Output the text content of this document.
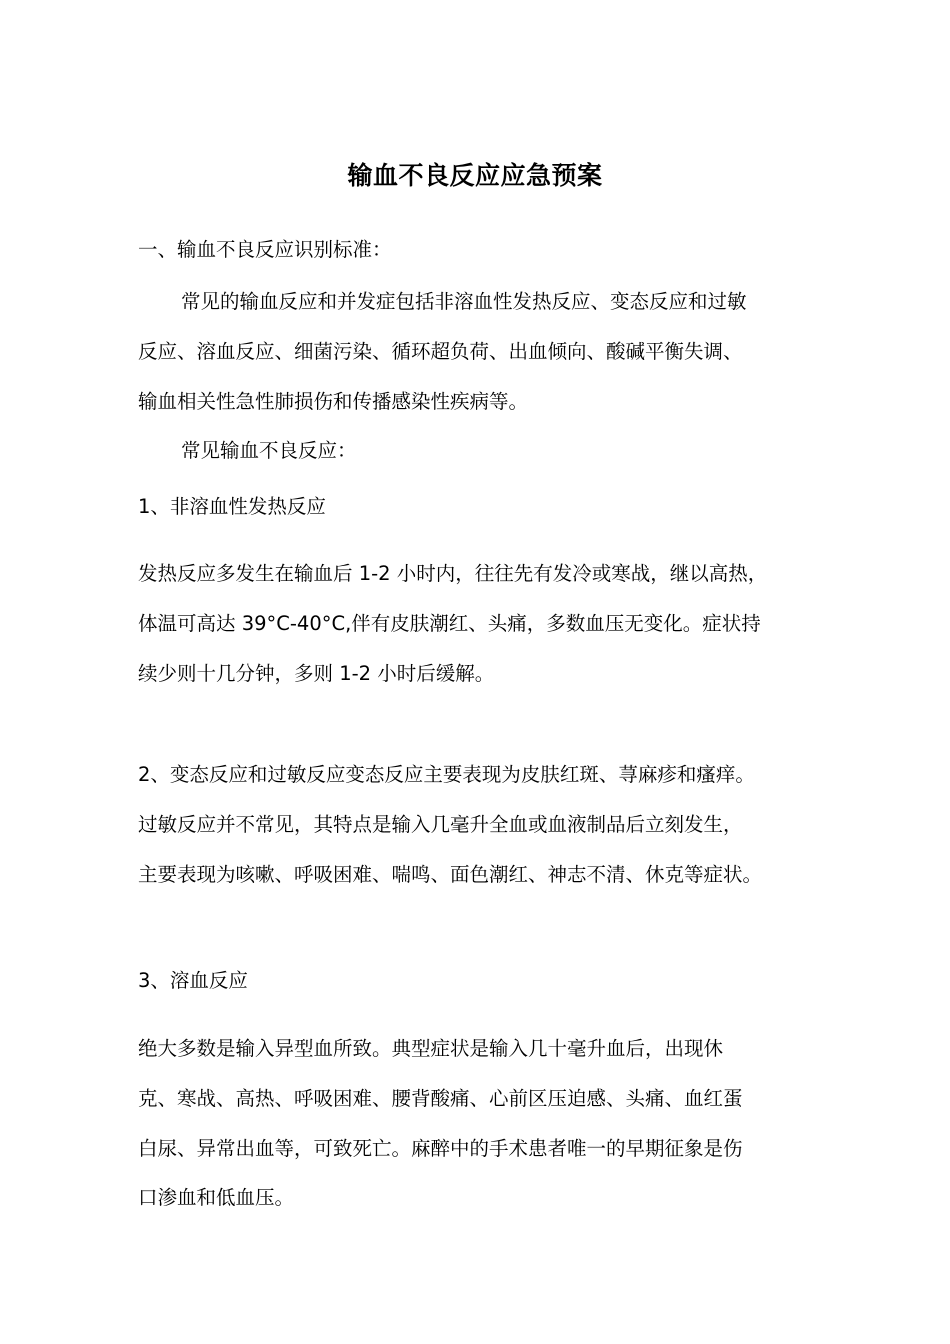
输血不良反应应急预案
一、输血不良反应识别标准：
常见的输血反应和并发症包括非溶血性发热反应、变态反应和过敏
反应、溶血反应、细菌污染、循环超负荷、出血倾向、酸碱平衡失调、
输血相关性急性肺损伤和传播感染性疾病等。
常见输血不良反应：
1、非溶血性发热反应
发热反应多发生在输血后 1-2 小时内，往往先有发冷或寒战，继以高热，
体温可高达 39°C-40°C,伴有皮肤潮红、头痛，多数血压无变化。症状持
续少则十几分钟，多则 1-2 小时后缓解。
2、变态反应和过敏反应变态反应主要表现为皮肤红斑、荨麻疹和瘙痒。
过敏反应并不常见，其特点是输入几毫升全血或血液制品后立刻发生，
主要表现为咳嗽、呼吸困难、喘鸣、面色潮红、神志不清、休克等症状。
3、溶血反应
绝大多数是输入异型血所致。典型症状是输入几十毫升血后，出现休
克、寒战、高热、呼吸困难、腰背酸痛、心前区压迫感、头痛、血红蛋
白尿、异常出血等，可致死亡。麻醉中的手术患者唯一的早期征象是伤
口渗血和低血压。
